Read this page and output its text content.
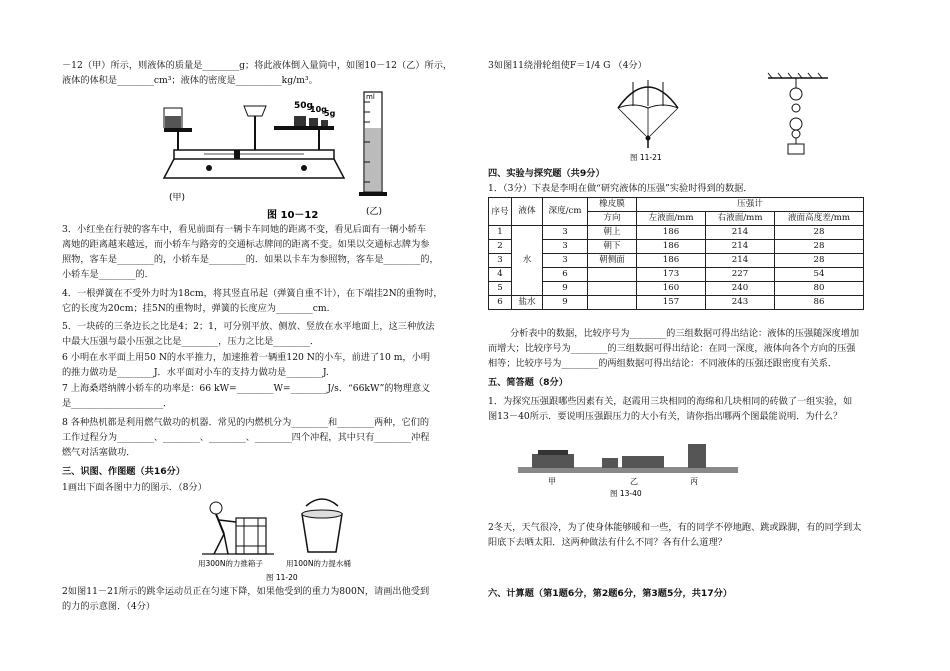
－12（甲）所示，则液体的质量是________g；将此液体倒入量筒中，如图10－12（乙）所示，
液体的体积是________cm³；液体的密度是__________kg/m³。
50g
10g
5g
(甲)
ml
(乙)
图 10－12
3．小红坐在行驶的客车中，看见前面有一辆卡车同她的距离不变，看见后面有一辆小轿车
离她的距离越来越远，而小轿车与路旁的交通标志牌间的距离不变。如果以交通标志牌为参
照物，客车是________的，小轿车是________的．如果以卡车为参照物，客车是________的，
小轿车是________的．
4．一根弹簧在不受外力时为18cm，将其竖直吊起（弹簧自重不计），在下端挂2N的重物时，
它的长度为20cm；挂5N的重物时，弹簧的长度应为________cm.
5．一块砖的三条边长之比是4；2；1，可分别平放、侧放、竖放在水平地面上，这三种放法
中最大压强与最小压强之比是________，压力之比是________．
6 小明在水平面上用50 N的水平推力，加速推着一辆重120 N的小车，前进了10 m，小明
的推力做功是________J．水平面对小车的支持力做功是________J.
7 上海桑塔纳牌小轿车的功率是：66 kW=________W=________J/s．“66kW”的物理意义
是____________________．
8 各种热机都是利用燃气做功的机器．常见的内燃机分为________和________两种，它们的
工作过程分为________、________、________、________四个冲程，其中只有________冲程
燃气对活塞做功．
三、识图、作图题（共16分）
1画出下面各图中力的图示．（8分）
用300N的力推箱子	用100N的力提水桶
图 11-20
2如图11－21所示的跳伞运动员正在匀速下降，如果他受到的重力为800N，请画出他受到
的力的示意图．（4分）
3如图11绕滑轮组使F＝1/4 G （4分）
图 11-21
四、实验与探究题（共9分）
1．（3分）下表是李明在做“研究液体的压强”实验时得到的数据．
序号	液体	深度/cm	橡皮膜	压强计		
			方向	左液面/mm	右液面/mm	液面高度差/mm
1	水	3	朝上	186	214	28
2		3	朝下	186	214	28
3		3	朝侧面	186	214	28
4		6		173	227	54
5		9		160	240	80
6	盐水	9		157	243	86
分析表中的数据，比较序号为________的三组数据可得出结论：液体的压强随深度增加
而增大；比较序号为________的三组数据可得出结论：在同一深度，液体向各个方向的压强
相等；比较序号为________的两组数据可得出结论：不同液体的压强还跟密度有关系．
五、简答题（8分）
1．为探究压强跟哪些因素有关，赵霞用三块相同的海绵和几块相同的砖做了一组实验，如
图13－40所示．要说明压强跟压力的大小有关，请你指出哪两个图最能说明．为什么？
甲	乙	丙
图 13-40
2冬天，天气很冷，为了使身体能够暖和一些，有的同学不停地跑、跳或跺脚，有的同学到太
阳底下去晒太阳．这两种做法有什么不同？各有什么道理？
六、计算题（第1题6分，第2题6分，第3题5分，共17分）
